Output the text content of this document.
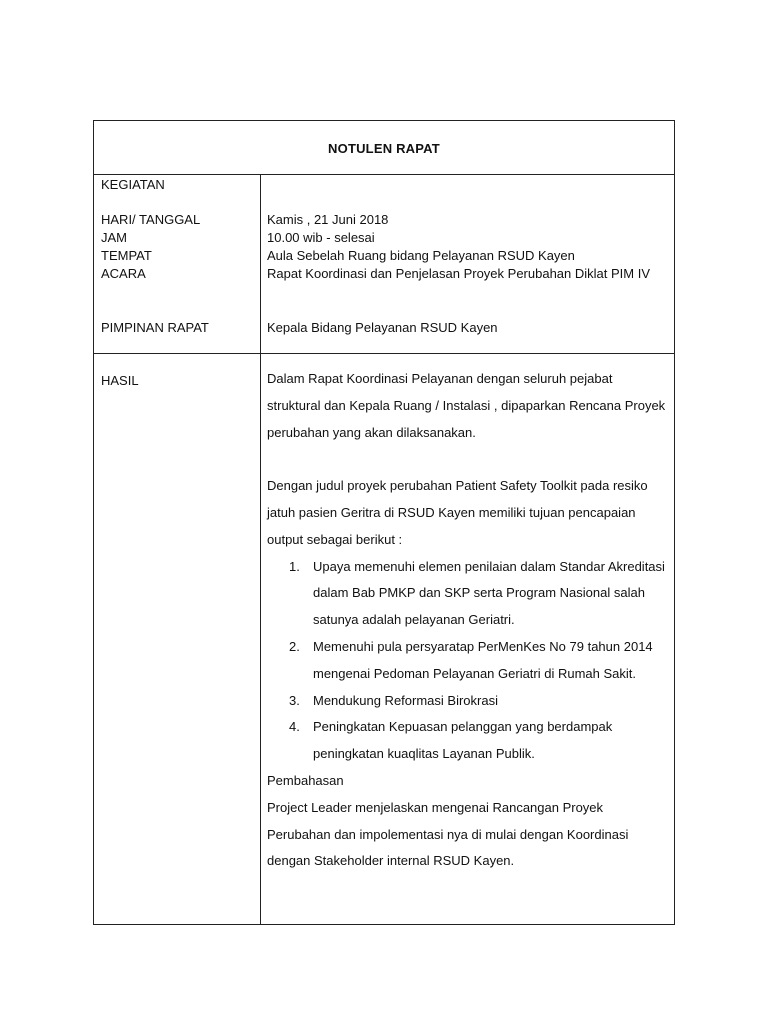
NOTULEN RAPAT
KEGIATAN
HARI/ TANGGAL	Kamis , 21 Juni 2018
JAM	10.00 wib - selesai
TEMPAT	Aula Sebelah Ruang bidang Pelayanan RSUD Kayen
ACARA	Rapat Koordinasi dan Penjelasan Proyek Perubahan Diklat PIM IV
PIMPINAN RAPAT	Kepala Bidang Pelayanan RSUD Kayen
HASIL	Dalam Rapat Koordinasi Pelayanan dengan seluruh pejabat struktural dan Kepala Ruang / Instalasi , dipaparkan Rencana Proyek perubahan yang akan dilaksanakan.

Dengan judul proyek perubahan Patient Safety Toolkit pada resiko jatuh pasien Geritra di RSUD Kayen memiliki tujuan pencapaian output sebagai berikut :

1. Upaya memenuhi elemen penilaian dalam Standar Akreditasi dalam Bab PMKP dan SKP serta Program Nasional salah satunya adalah pelayanan Geriatri.
2. Memenuhi pula persyaratap PerMenKes No 79 tahun 2014 mengenai Pedoman Pelayanan Geriatri di Rumah Sakit.
3. Mendukung Reformasi Birokrasi
4. Peningkatan Kepuasan pelanggan yang berdampak peningkatan kuaqlitas Layanan Publik.

Pembahasan

Project Leader menjelaskan mengenai Rancangan Proyek Perubahan dan impolementasi nya di mulai dengan Koordinasi dengan Stakeholder internal RSUD Kayen.
